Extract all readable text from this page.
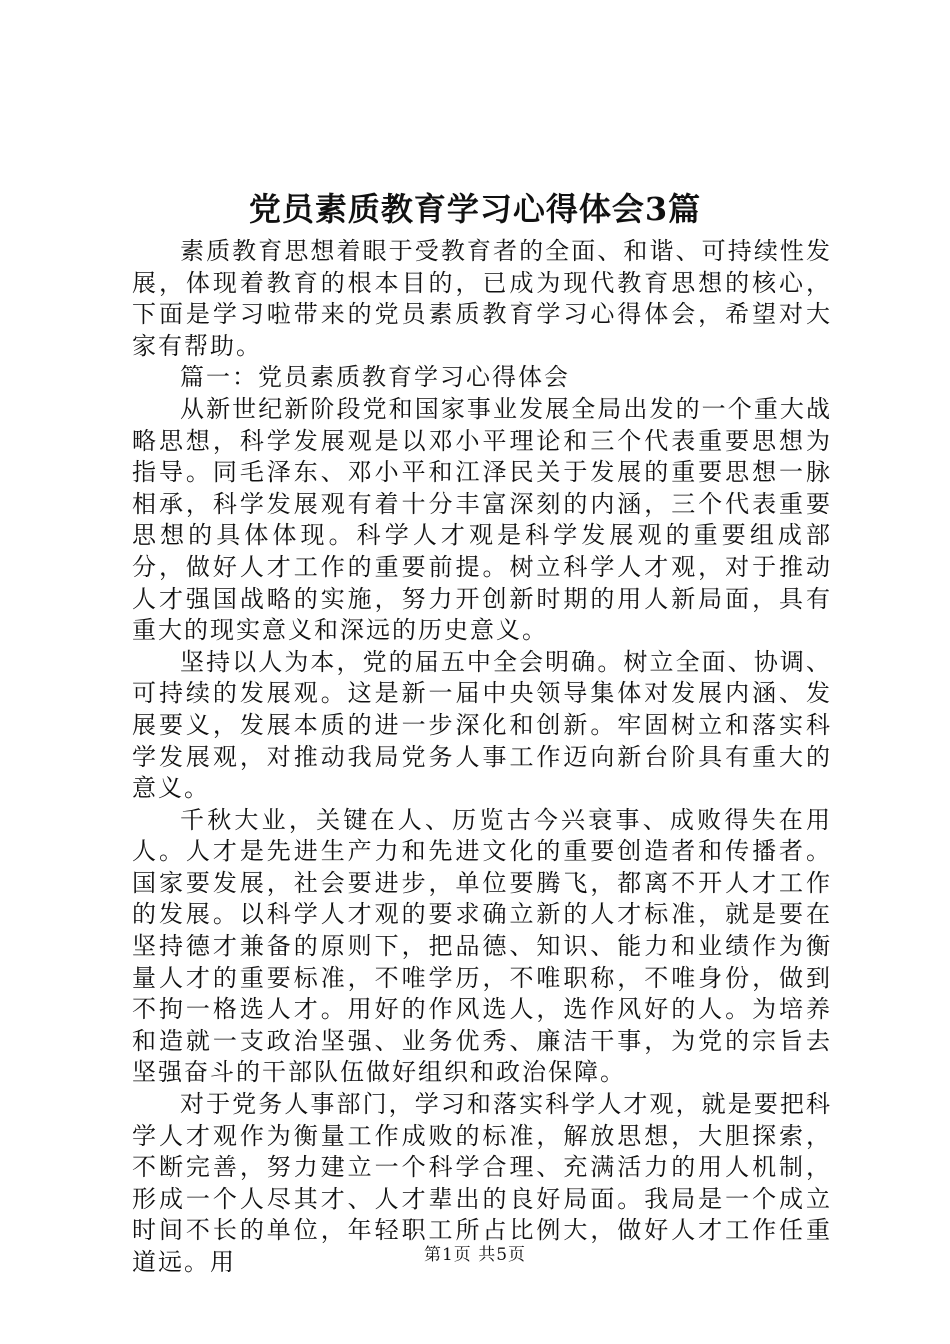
党员素质教育学习心得体会3篇

素质教育思想着眼于受教育者的全面、和谐、可持续性发展，体现着教育的根本目的，已成为现代教育思想的核心，下面是学习啦带来的党员素质教育学习心得体会，希望对大家有帮助。

篇一：党员素质教育学习心得体会

从新世纪新阶段党和国家事业发展全局出发的一个重大战略思想，科学发展观是以邓小平理论和三个代表重要思想为指导。同毛泽东、邓小平和江泽民关于发展的重要思想一脉相承，科学发展观有着十分丰富深刻的内涵，三个代表重要思想的具体体现。科学人才观是科学发展观的重要组成部分，做好人才工作的重要前提。树立科学人才观，对于推动人才强国战略的实施，努力开创新时期的用人新局面，具有重大的现实意义和深远的历史意义。

坚持以人为本，党的届五中全会明确。树立全面、协调、可持续的发展观。这是新一届中央领导集体对发展内涵、发展要义，发展本质的进一步深化和创新。牢固树立和落实科学发展观，对推动我局党务人事工作迈向新台阶具有重大的意义。

千秋大业，关键在人、历览古今兴衰事、成败得失在用人。人才是先进生产力和先进文化的重要创造者和传播者。国家要发展，社会要进步，单位要腾飞，都离不开人才工作的发展。以科学人才观的要求确立新的人才标准，就是要在坚持德才兼备的原则下，把品德、知识、能力和业绩作为衡量人才的重要标准，不唯学历，不唯职称，不唯身份，做到不拘一格选人才。用好的作风选人，选作风好的人。为培养和造就一支政治坚强、业务优秀、廉洁干事，为党的宗旨去坚强奋斗的干部队伍做好组织和政治保障。

对于党务人事部门，学习和落实科学人才观，就是要把科学人才观作为衡量工作成败的标准，解放思想，大胆探索，不断完善，努力建立一个科学合理、充满活力的用人机制，形成一个人尽其才、人才辈出的良好局面。我局是一个成立时间不长的单位，年轻职工所占比例大，做好人才工作任重道远。用	第1页 共5页
